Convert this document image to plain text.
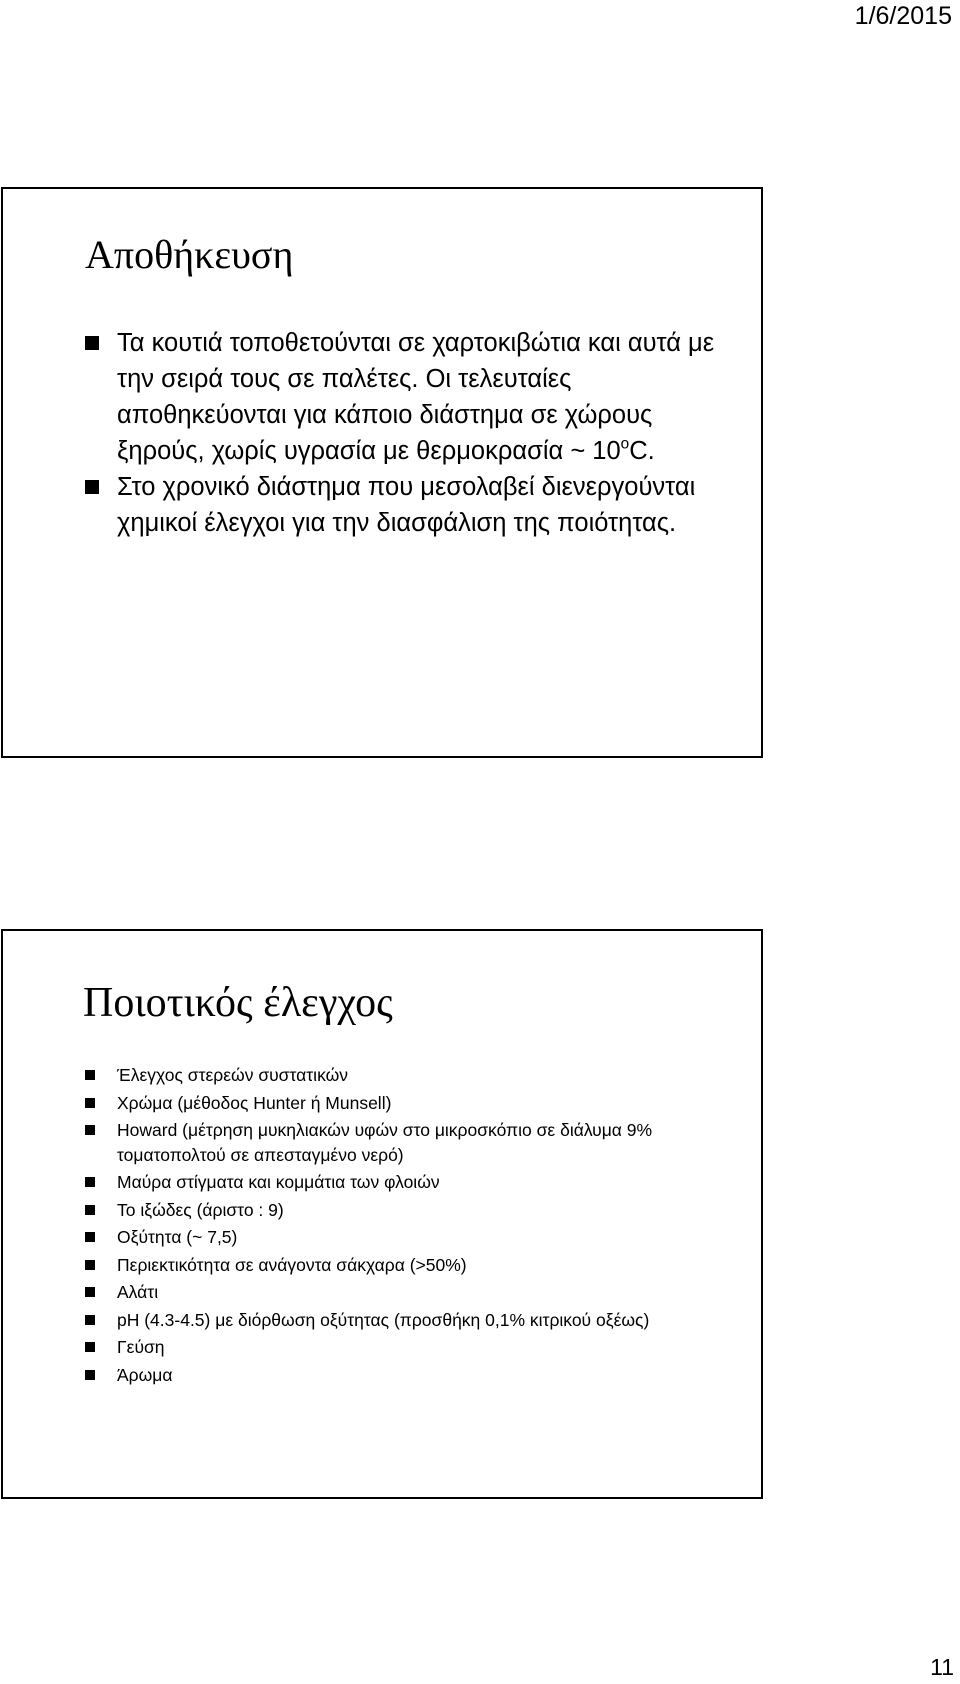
1/6/2015
Αποθήκευση
Τα κουτιά τοποθετούνται σε χαρτοκιβώτια και αυτά με την σειρά τους σε παλέτες. Οι τελευταίες αποθηκεύονται για κάποιο διάστημα σε χώρους ξηρούς, χωρίς υγρασία με θερμοκρασία ~ $10^oC$.
Στο χρονικό διάστημα που μεσολαβεί διενεργούνται χημικοί έλεγχοι για την διασφάλιση της ποιότητας.
Ποιοτικός έλεγχος
Έλεγχος στερεών συστατικών
Χρώμα (μέθοδος Hunter ή Munsell)
Howard (μέτρηση μυκηλιακών υφών στο μικροσκόπιο σε διάλυμα 9% τοματοπολτού σε απεσταγμένο νερό)
Μαύρα στίγματα και κομμάτια των φλοιών
Το ιξώδες (άριστο : 9)
Οξύτητα (~ 7,5)
Περιεκτικότητα σε ανάγοντα σάκχαρα (>50%)
Αλάτι
pH (4.3-4.5) με διόρθωση οξύτητας (προσθήκη 0,1% κιτρικού οξέως)
Γεύση
Άρωμα
11
